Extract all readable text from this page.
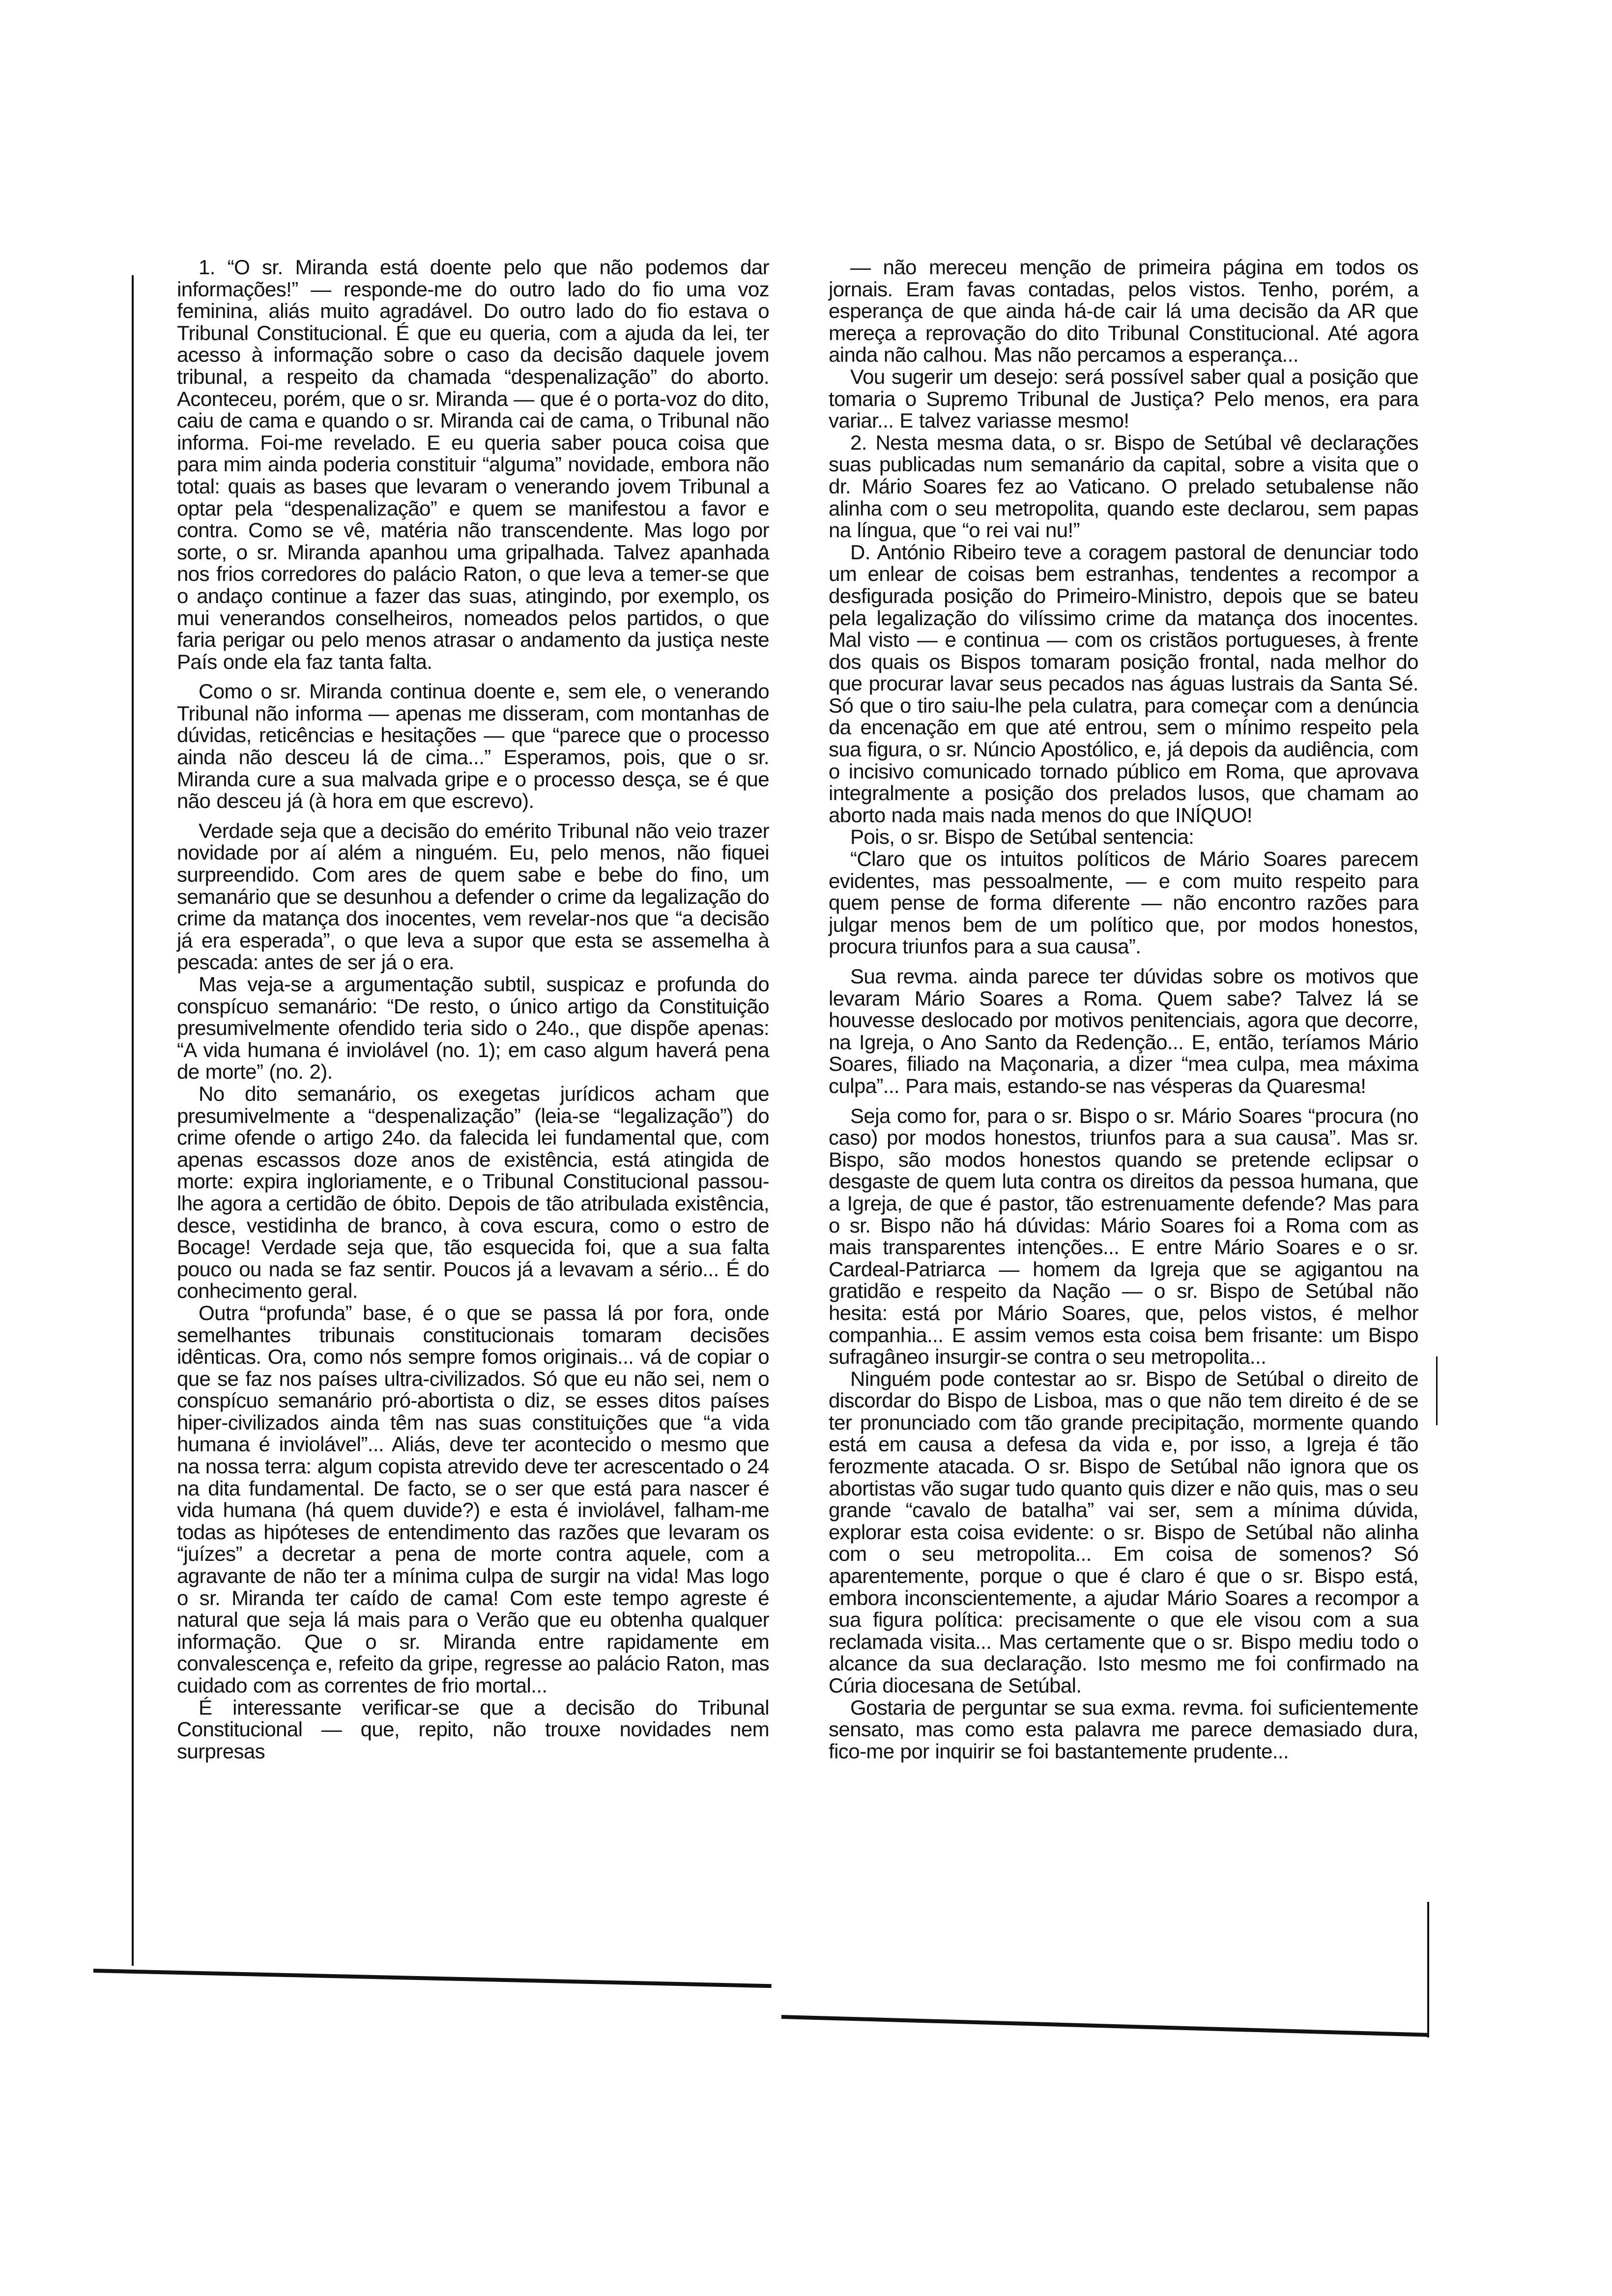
1. “O sr. Miranda está doente pelo que não podemos dar informações!” — responde-me do outro lado do fio uma voz feminina, aliás muito agradável. Do outro lado do fio estava o Tribunal Constitucional. É que eu queria, com a ajuda da lei, ter acesso à informação sobre o caso da decisão daquele jovem tribunal, a respeito da chamada “despenalização” do aborto. Aconteceu, porém, que o sr. Miranda — que é o porta-voz do dito, caiu de cama e quando o sr. Miranda cai de cama, o Tribunal não informa. Foi-me revelado. E eu queria saber pouca coisa que para mim ainda poderia constituir “alguma” novidade, embora não total: quais as bases que levaram o venerando jovem Tribunal a optar pela “despenalização” e quem se manifestou a favor e contra. Como se vê, matéria não transcendente. Mas logo por sorte, o sr. Miranda apanhou uma gripalhada. Talvez apanhada nos frios corredores do palácio Raton, o que leva a temer-se que o andaço continue a fazer das suas, atingindo, por exemplo, os mui venerandos conselheiros, nomeados pelos partidos, o que faria perigar ou pelo menos atrasar o andamento da justiça neste País onde ela faz tanta falta.

Como o sr. Miranda continua doente e, sem ele, o venerando Tribunal não informa — apenas me disseram, com montanhas de dúvidas, reticências e hesitações — que “parece que o processo ainda não desceu lá de cima...” Esperamos, pois, que o sr. Miranda cure a sua malvada gripe e o processo desça, se é que não desceu já (à hora em que escrevo).

Verdade seja que a decisão do emérito Tribunal não veio trazer novidade por aí além a ninguém. Eu, pelo menos, não fiquei surpreendido. Com ares de quem sabe e bebe do fino, um semanário que se desunhou a defender o crime da legalização do crime da matança dos inocentes, vem revelar-nos que “a decisão já era esperada”, o que leva a supor que esta se assemelha à pescada: antes de ser já o era.

Mas veja-se a argumentação subtil, suspicaz e profunda do conspícuo semanário: “De resto, o único artigo da Constituição presumivelmente ofendido teria sido o 24o., que dispõe apenas: “A vida humana é inviolável (no. 1); em caso algum haverá pena de morte” (no. 2).

No dito semanário, os exegetas jurídicos acham que presumivelmente a “despenalização” (leia-se “legalização”) do crime ofende o artigo 24o. da falecida lei fundamental que, com apenas escassos doze anos de existência, está atingida de morte: expira ingloriamente, e o Tribunal Constitucional passou-lhe agora a certidão de óbito. Depois de tão atribulada existência, desce, vestidinha de branco, à cova escura, como o estro de Bocage! Verdade seja que, tão esquecida foi, que a sua falta pouco ou nada se faz sentir. Poucos já a levavam a sério... É do conhecimento geral.

Outra “profunda” base, é o que se passa lá por fora, onde semelhantes tribunais constitucionais tomaram decisões idênticas. Ora, como nós sempre fomos originais... vá de copiar o que se faz nos países ultra-civilizados. Só que eu não sei, nem o conspícuo semanário pró-abortista o diz, se esses ditos países hiper-civilizados ainda têm nas suas constituições que “a vida humana é inviolável”... Aliás, deve ter acontecido o mesmo que na nossa terra: algum copista atrevido deve ter acrescentado o 24 na dita fundamental. De facto, se o ser que está para nascer é vida humana (há quem duvide?) e esta é inviolável, falham-me todas as hipóteses de entendimento das razões que levaram os “juízes” a decretar a pena de morte contra aquele, com a agravante de não ter a mínima culpa de surgir na vida! Mas logo o sr. Miranda ter caído de cama! Com este tempo agreste é natural que seja lá mais para o Verão que eu obtenha qualquer informação. Que o sr. Miranda entre rapidamente em convalescença e, refeito da gripe, regresse ao palácio Raton, mas cuidado com as correntes de frio mortal...

É interessante verificar-se que a decisão do Tribunal Constitucional — que, repito, não trouxe novidades nem surpresas

— não mereceu menção de primeira página em todos os jornais. Eram favas contadas, pelos vistos. Tenho, porém, a esperança de que ainda há-de cair lá uma decisão da AR que mereça a reprovação do dito Tribunal Constitucional. Até agora ainda não calhou. Mas não percamos a esperança...

Vou sugerir um desejo: será possível saber qual a posição que tomaria o Supremo Tribunal de Justiça? Pelo menos, era para variar... E talvez variasse mesmo!

2. Nesta mesma data, o sr. Bispo de Setúbal vê declarações suas publicadas num semanário da capital, sobre a visita que o dr. Mário Soares fez ao Vaticano. O prelado setubalense não alinha com o seu metropolita, quando este declarou, sem papas na língua, que “o rei vai nu!”

D. António Ribeiro teve a coragem pastoral de denunciar todo um enlear de coisas bem estranhas, tendentes a recompor a desfigurada posição do Primeiro-Ministro, depois que se bateu pela legalização do vilíssimo crime da matança dos inocentes. Mal visto — e continua — com os cristãos portugueses, à frente dos quais os Bispos tomaram posição frontal, nada melhor do que procurar lavar seus pecados nas águas lustrais da Santa Sé. Só que o tiro saiu-lhe pela culatra, para começar com a denúncia da encenação em que até entrou, sem o mínimo respeito pela sua figura, o sr. Núncio Apostólico, e, já depois da audiência, com o incisivo comunicado tornado público em Roma, que aprovava integralmente a posição dos prelados lusos, que chamam ao aborto nada mais nada menos do que INÍQUO!

Pois, o sr. Bispo de Setúbal sentencia:

“Claro que os intuitos políticos de Mário Soares parecem evidentes, mas pessoalmente, — e com muito respeito para quem pense de forma diferente — não encontro razões para julgar menos bem de um político que, por modos honestos, procura triunfos para a sua causa”.

Sua revma. ainda parece ter dúvidas sobre os motivos que levaram Mário Soares a Roma. Quem sabe? Talvez lá se houvesse deslocado por motivos penitenciais, agora que decorre, na Igreja, o Ano Santo da Redenção... E, então, teríamos Mário Soares, filiado na Maçonaria, a dizer “mea culpa, mea máxima culpa”... Para mais, estando-se nas vésperas da Quaresma!

Seja como for, para o sr. Bispo o sr. Mário Soares “procura (no caso) por modos honestos, triunfos para a sua causa”. Mas sr. Bispo, são modos honestos quando se pretende eclipsar o desgaste de quem luta contra os direitos da pessoa humana, que a Igreja, de que é pastor, tão estrenuamente defende? Mas para o sr. Bispo não há dúvidas: Mário Soares foi a Roma com as mais transparentes intenções... E entre Mário Soares e o sr. Cardeal-Patriarca — homem da Igreja que se agigantou na gratidão e respeito da Nação — o sr. Bispo de Setúbal não hesita: está por Mário Soares, que, pelos vistos, é melhor companhia... E assim vemos esta coisa bem frisante: um Bispo sufragâneo insurgir-se contra o seu metropolita...

Ninguém pode contestar ao sr. Bispo de Setúbal o direito de discordar do Bispo de Lisboa, mas o que não tem direito é de se ter pronunciado com tão grande precipitação, mormente quando está em causa a defesa da vida e, por isso, a Igreja é tão ferozmente atacada. O sr. Bispo de Setúbal não ignora que os abortistas vão sugar tudo quanto quis dizer e não quis, mas o seu grande “cavalo de batalha” vai ser, sem a mínima dúvida, explorar esta coisa evidente: o sr. Bispo de Setúbal não alinha com o seu metropolita... Em coisa de somenos? Só aparentemente, porque o que é claro é que o sr. Bispo está, embora inconscientemente, a ajudar Mário Soares a recompor a sua figura política: precisamente o que ele visou com a sua reclamada visita... Mas certamente que o sr. Bispo mediu todo o alcance da sua declaração. Isto mesmo me foi confirmado na Cúria diocesana de Setúbal.

Gostaria de perguntar se sua exma. revma. foi suficientemente sensato, mas como esta palavra me parece demasiado dura, fico-me por inquirir se foi bastantemente prudente...
